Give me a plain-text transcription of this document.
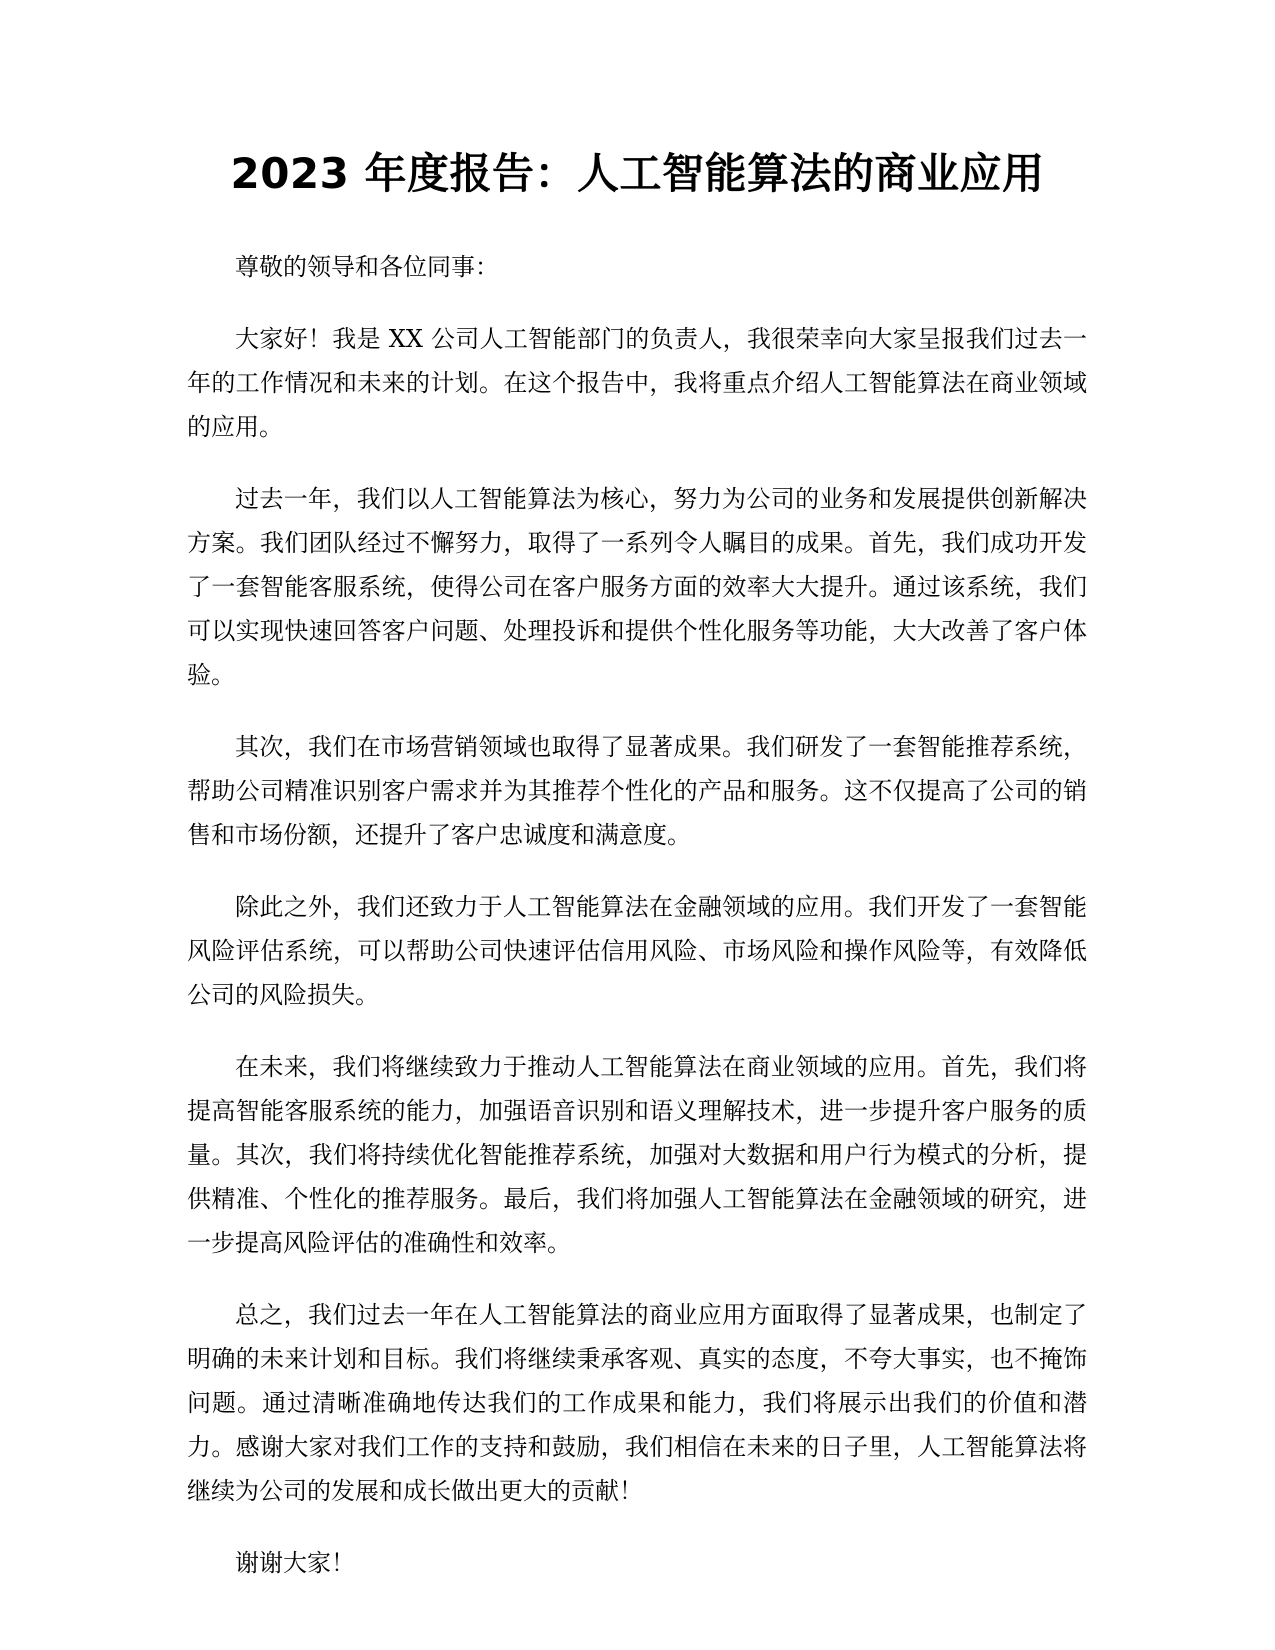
2023 年度报告：人工智能算法的商业应用

尊敬的领导和各位同事：

大家好！我是 XX 公司人工智能部门的负责人，我很荣幸向大家呈报我们过去一年的工作情况和未来的计划。在这个报告中，我将重点介绍人工智能算法在商业领域的应用。

过去一年，我们以人工智能算法为核心，努力为公司的业务和发展提供创新解决方案。我们团队经过不懈努力，取得了一系列令人瞩目的成果。首先，我们成功开发了一套智能客服系统，使得公司在客户服务方面的效率大大提升。通过该系统，我们可以实现快速回答客户问题、处理投诉和提供个性化服务等功能，大大改善了客户体验。

其次，我们在市场营销领域也取得了显著成果。我们研发了一套智能推荐系统，帮助公司精准识别客户需求并为其推荐个性化的产品和服务。这不仅提高了公司的销售和市场份额，还提升了客户忠诚度和满意度。

除此之外，我们还致力于人工智能算法在金融领域的应用。我们开发了一套智能风险评估系统，可以帮助公司快速评估信用风险、市场风险和操作风险等，有效降低公司的风险损失。

在未来，我们将继续致力于推动人工智能算法在商业领域的应用。首先，我们将提高智能客服系统的能力，加强语音识别和语义理解技术，进一步提升客户服务的质量。其次，我们将持续优化智能推荐系统，加强对大数据和用户行为模式的分析，提供精准、个性化的推荐服务。最后，我们将加强人工智能算法在金融领域的研究，进一步提高风险评估的准确性和效率。

总之，我们过去一年在人工智能算法的商业应用方面取得了显著成果，也制定了明确的未来计划和目标。我们将继续秉承客观、真实的态度，不夸大事实，也不掩饰问题。通过清晰准确地传达我们的工作成果和能力，我们将展示出我们的价值和潜力。感谢大家对我们工作的支持和鼓励，我们相信在未来的日子里，人工智能算法将继续为公司的发展和成长做出更大的贡献！

谢谢大家！
